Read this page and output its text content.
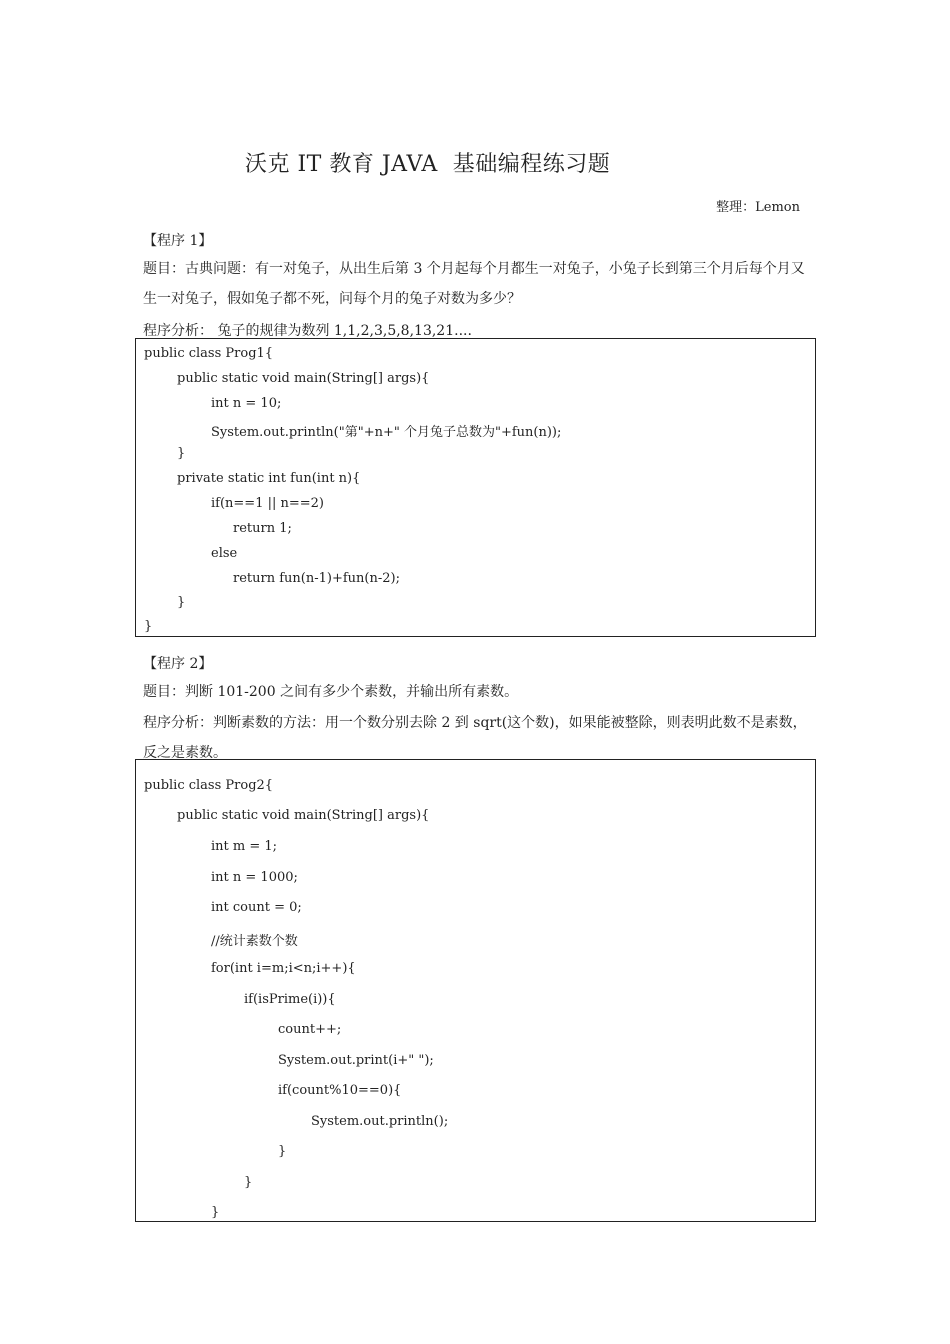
沃克 IT 教育 JAVA  基础编程练习题
整理：Lemon
【程序 1】
题目：古典问题：有一对兔子，从出生后第 3 个月起每个月都生一对兔子，小兔子长到第三个月后每个月又生一对兔子，假如兔子都不死，问每个月的兔子对数为多少？
程序分析： 兔子的规律为数列 1,1,2,3,5,8,13,21....
public class Prog1{
public static void main(String[] args){
int n = 10;
System.out.println("第"+n+" 个月兔子总数为"+fun(n));
}
private static int fun(int n){
if(n==1 || n==2)
return 1;
else
return fun(n-1)+fun(n-2);
}
}
【程序 2】
题目：判断 101-200 之间有多少个素数，并输出所有素数。
程序分析：判断素数的方法：用一个数分别去除 2 到 sqrt(这个数)，如果能被整除，则表明此数不是素数，反之是素数。
public class Prog2{
public static void main(String[] args){
int m = 1;
int n = 1000;
int count = 0;
//统计素数个数
for(int i=m;i<n;i++){
if(isPrime(i)){
count++;
System.out.print(i+" ");
if(count%10==0){
System.out.println();
}
}
}
